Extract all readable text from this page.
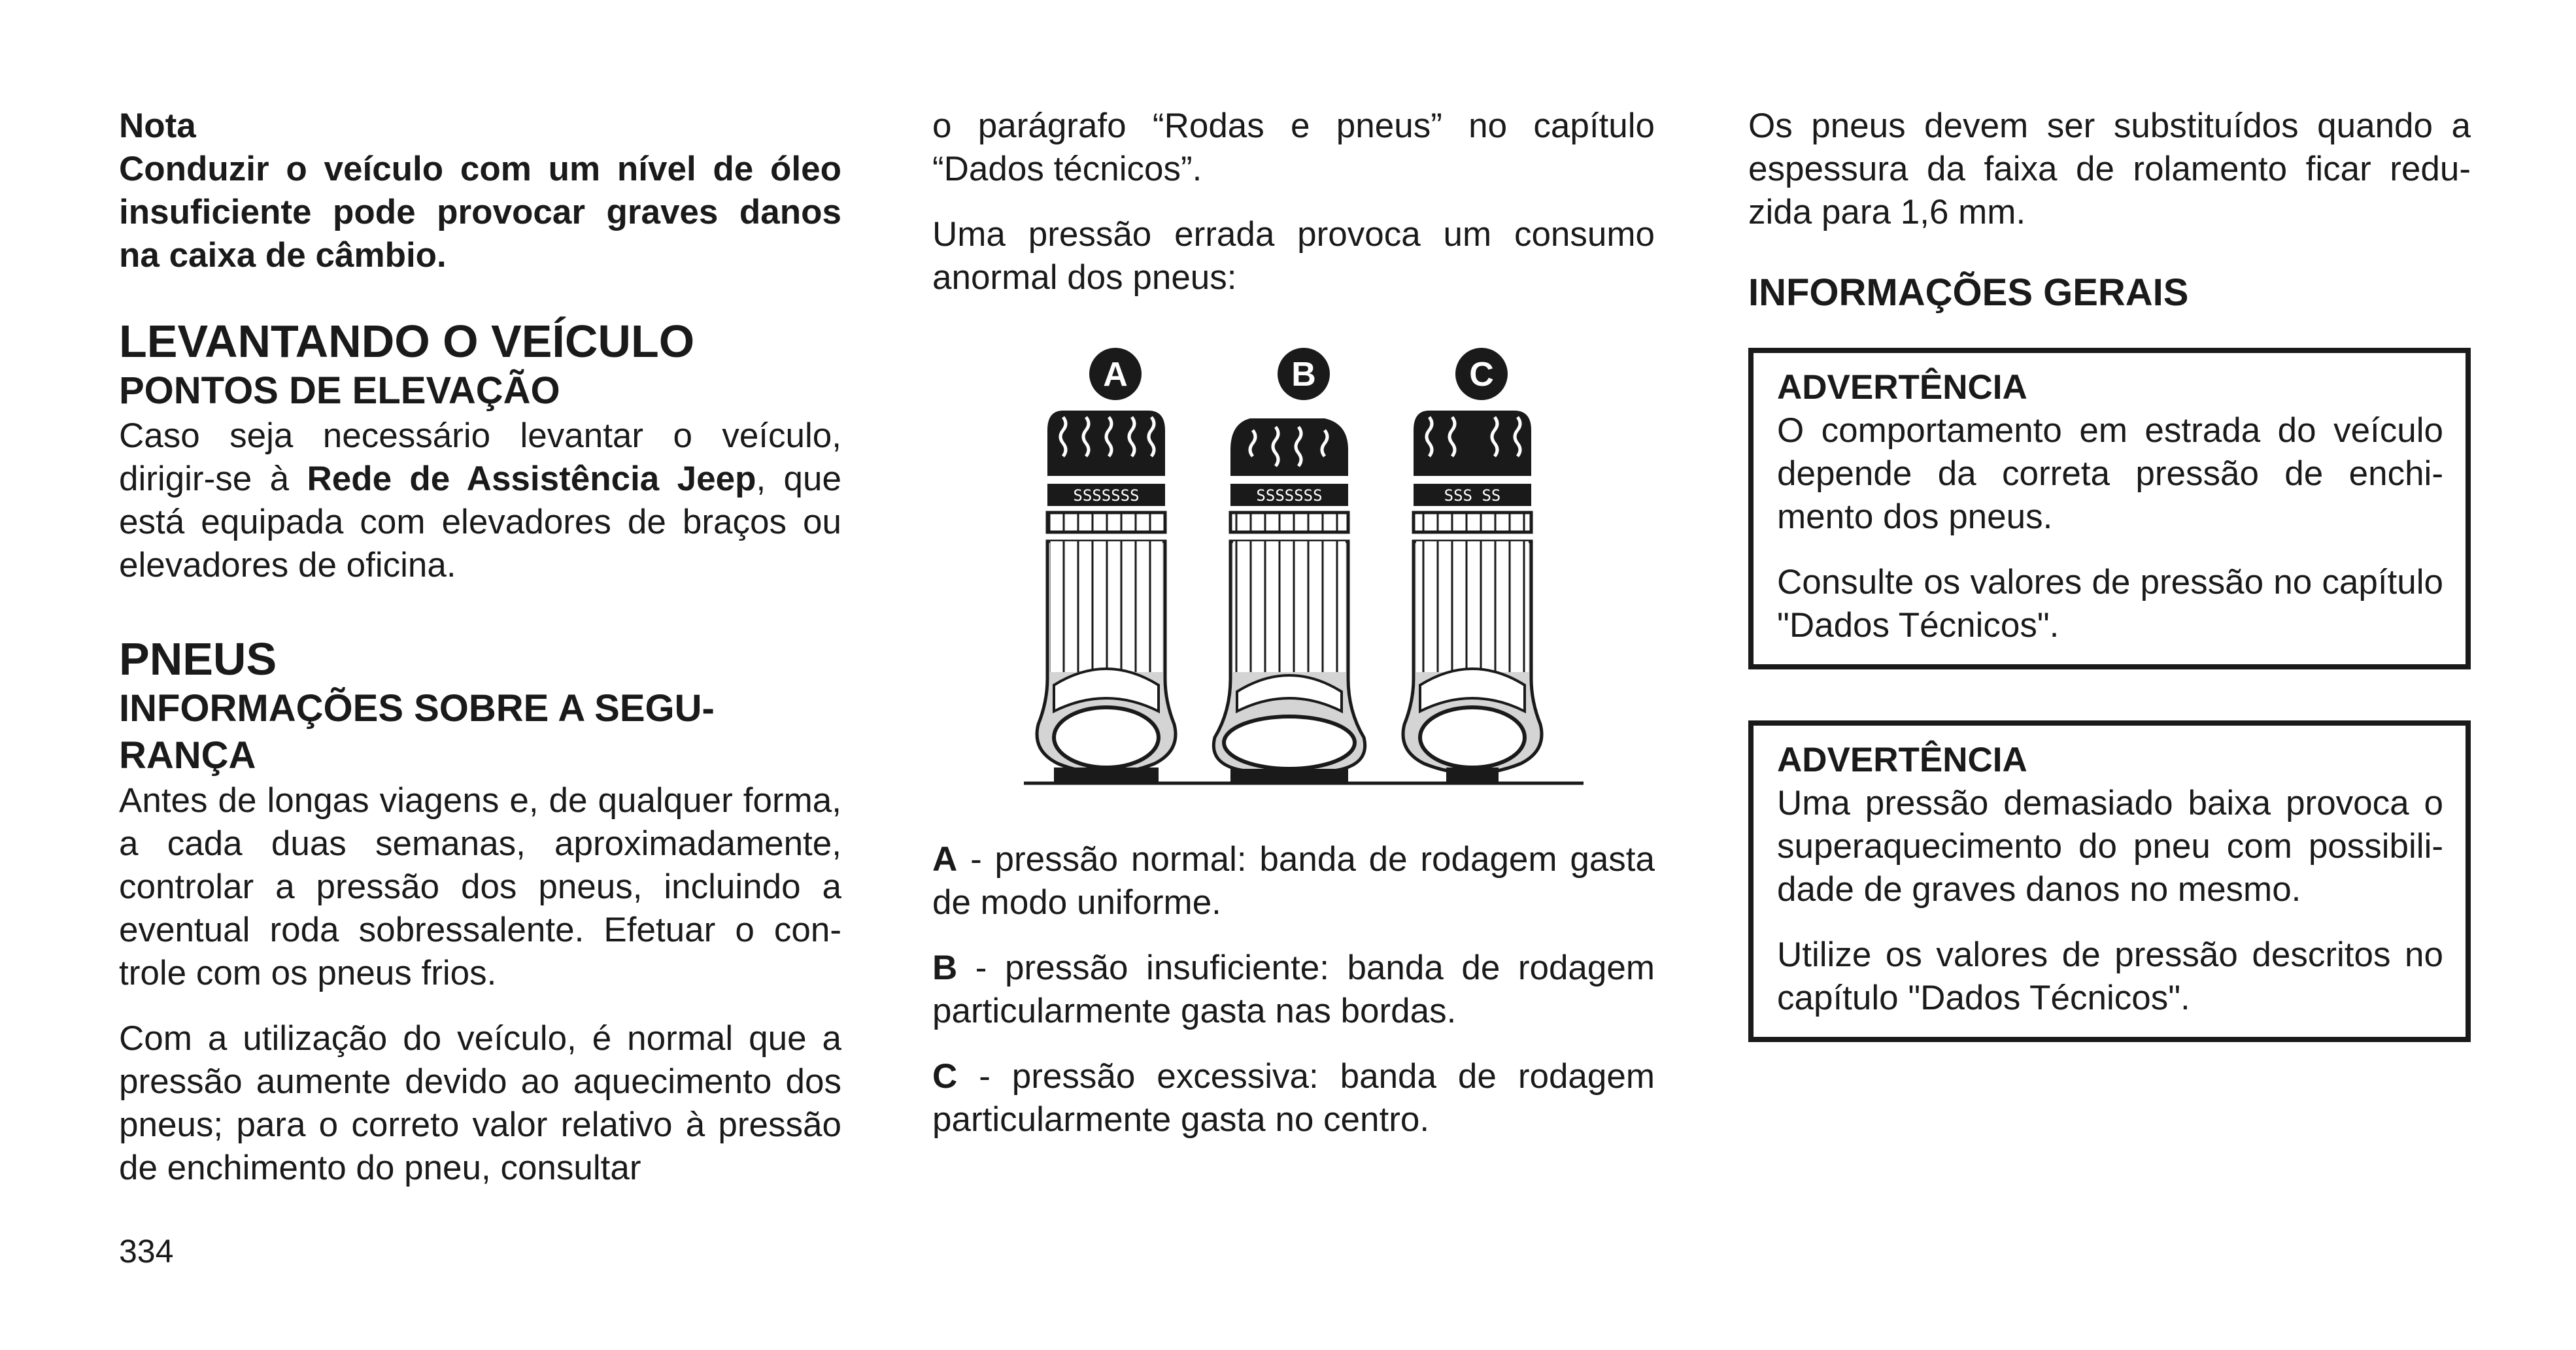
Nota

Conduzir o veículo com um nível de óleo insuficiente pode provocar graves danos na caixa de câmbio.

LEVANTANDO O VEÍCULO
PONTOS DE ELEVAÇÃO

Caso seja necessário levantar o veículo, dirigir-se à Rede de Assistência Jeep, que está equipada com elevadores de braços ou elevadores de oficina.

PNEUS
INFORMAÇÕES SOBRE A SEGU-
RANÇA

Antes de longas viagens e, de qualquer forma, a cada duas semanas, aproximadamente, controlar a pressão dos pneus, incluindo a eventual roda sobressalente. Efetuar o con-trole com os pneus frios.

Com a utilização do veículo, é normal que a pressão aumente devido ao aquecimento dos pneus; para o correto valor relativo à pressão de enchimento do pneu, consultar

334

o parágrafo “Rodas e pneus” no capítulo “Dados técnicos”.

Uma pressão errada provoca um consumo anormal dos pneus:

SSSSSSS	SSSSSSS	SSS SS
A	B	C

A - pressão normal: banda de rodagem gasta de modo uniforme.

B - pressão insuficiente: banda de rodagem particularmente gasta nas bordas.

C - pressão excessiva: banda de rodagem particularmente gasta no centro.

Os pneus devem ser substituídos quando a espessura da faixa de rolamento ficar redu-zida para 1,6 mm.

INFORMAÇÕES GERAIS

ADVERTÊNCIA

O comportamento em estrada do veículo depende da correta pressão de enchi-mento dos pneus.

Consulte os valores de pressão no capítulo "Dados Técnicos".

ADVERTÊNCIA

Uma pressão demasiado baixa provoca o superaquecimento do pneu com possibili-dade de graves danos no mesmo.

Utilize os valores de pressão descritos no capítulo "Dados Técnicos".
